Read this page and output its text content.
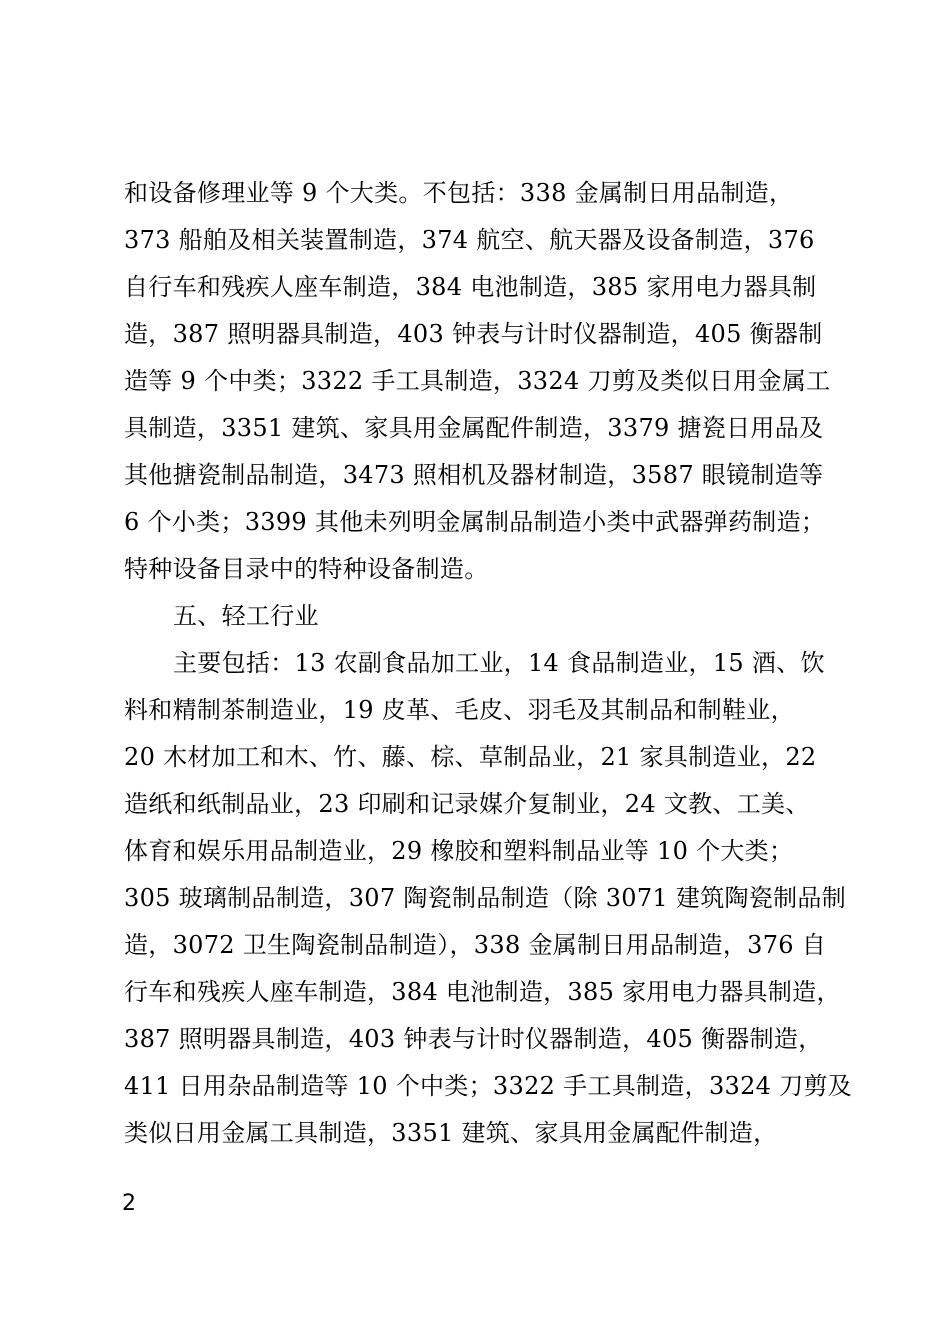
和设备修理业等 9 个大类。不包括：338 金属制日用品制造，
373 船舶及相关装置制造，374 航空、航天器及设备制造，376
自行车和残疾人座车制造，384 电池制造，385 家用电力器具制
造，387 照明器具制造，403 钟表与计时仪器制造，405 衡器制
造等 9 个中类；3322 手工具制造，3324 刀剪及类似日用金属工
具制造，3351 建筑、家具用金属配件制造，3379 搪瓷日用品及
其他搪瓷制品制造，3473 照相机及器材制造，3587 眼镜制造等
6 个小类；3399 其他未列明金属制品制造小类中武器弹药制造；
特种设备目录中的特种设备制造。
五、轻工行业
主要包括：13 农副食品加工业，14 食品制造业，15 酒、饮
料和精制茶制造业，19 皮革、毛皮、羽毛及其制品和制鞋业，
20 木材加工和木、竹、藤、棕、草制品业，21 家具制造业，22
造纸和纸制品业，23 印刷和记录媒介复制业，24 文教、工美、
体育和娱乐用品制造业，29 橡胶和塑料制品业等 10 个大类；
305 玻璃制品制造，307 陶瓷制品制造（除 3071 建筑陶瓷制品制
造，3072 卫生陶瓷制品制造），338 金属制日用品制造，376 自
行车和残疾人座车制造，384 电池制造，385 家用电力器具制造，
387 照明器具制造，403 钟表与计时仪器制造，405 衡器制造，
411 日用杂品制造等 10 个中类；3322 手工具制造，3324 刀剪及
类似日用金属工具制造，3351 建筑、家具用金属配件制造，
2
